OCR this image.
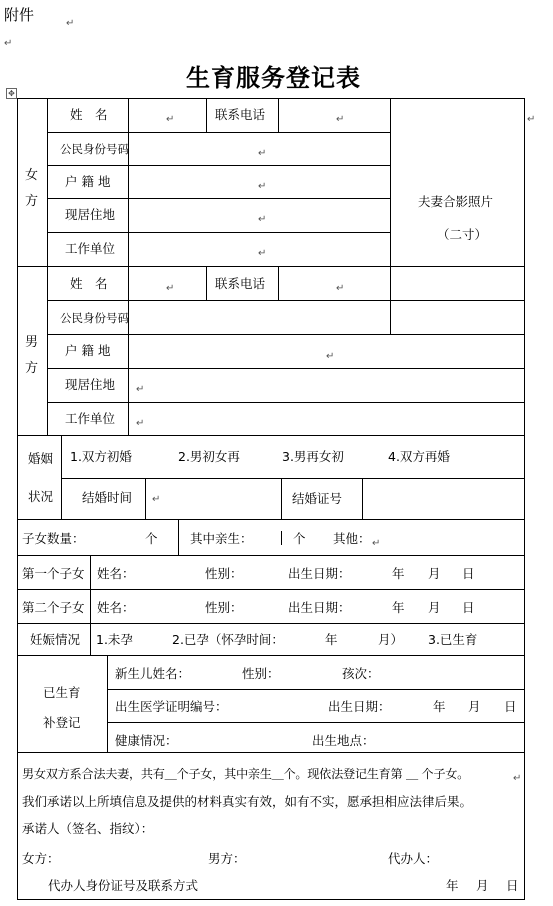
附件	↵
↵
生育服务登记表
✥
女方
姓　名	联系电话
公民身份号码
户 籍 地
现居住地
工作单位
夫妻合影照片
（二寸）
男方
姓　名	联系电话
公民身份号码
户 籍 地
现居住地
工作单位
婚姻
状况
1.双方初婚	2.男初女再	3.男再女初	4.双方再婚
结婚时间	结婚证号
子女数量：	个	其中亲生：	个 其他：
第一个子女 姓名：	性别：	出生日期：	年 月 日
第二个子女 姓名：	性别：	出生日期：	年 月 日
妊娠情况 1.未孕	2.已孕（怀孕时间：	年	月） 3.已生育
已生育
补登记
新生儿姓名：	性别：	孩次：
出生医学证明编号：	出生日期：	年 月 日
健康情况：	出生地点：
男女双方系合法夫妻，共有＿个子女，其中亲生＿个。现依法登记生育第 ＿ 个子女。
我们承诺以上所填信息及提供的材料真实有效，如有不实，愿承担相应法律后果。
承诺人（签名、指纹）：
女方：	男方：	代办人：
代办人身份证号及联系方式	年 月 日
↵	↵
↵
↵
↵
↵
↵
↵	↵
↵
↵
↵
↵
↵
↵
